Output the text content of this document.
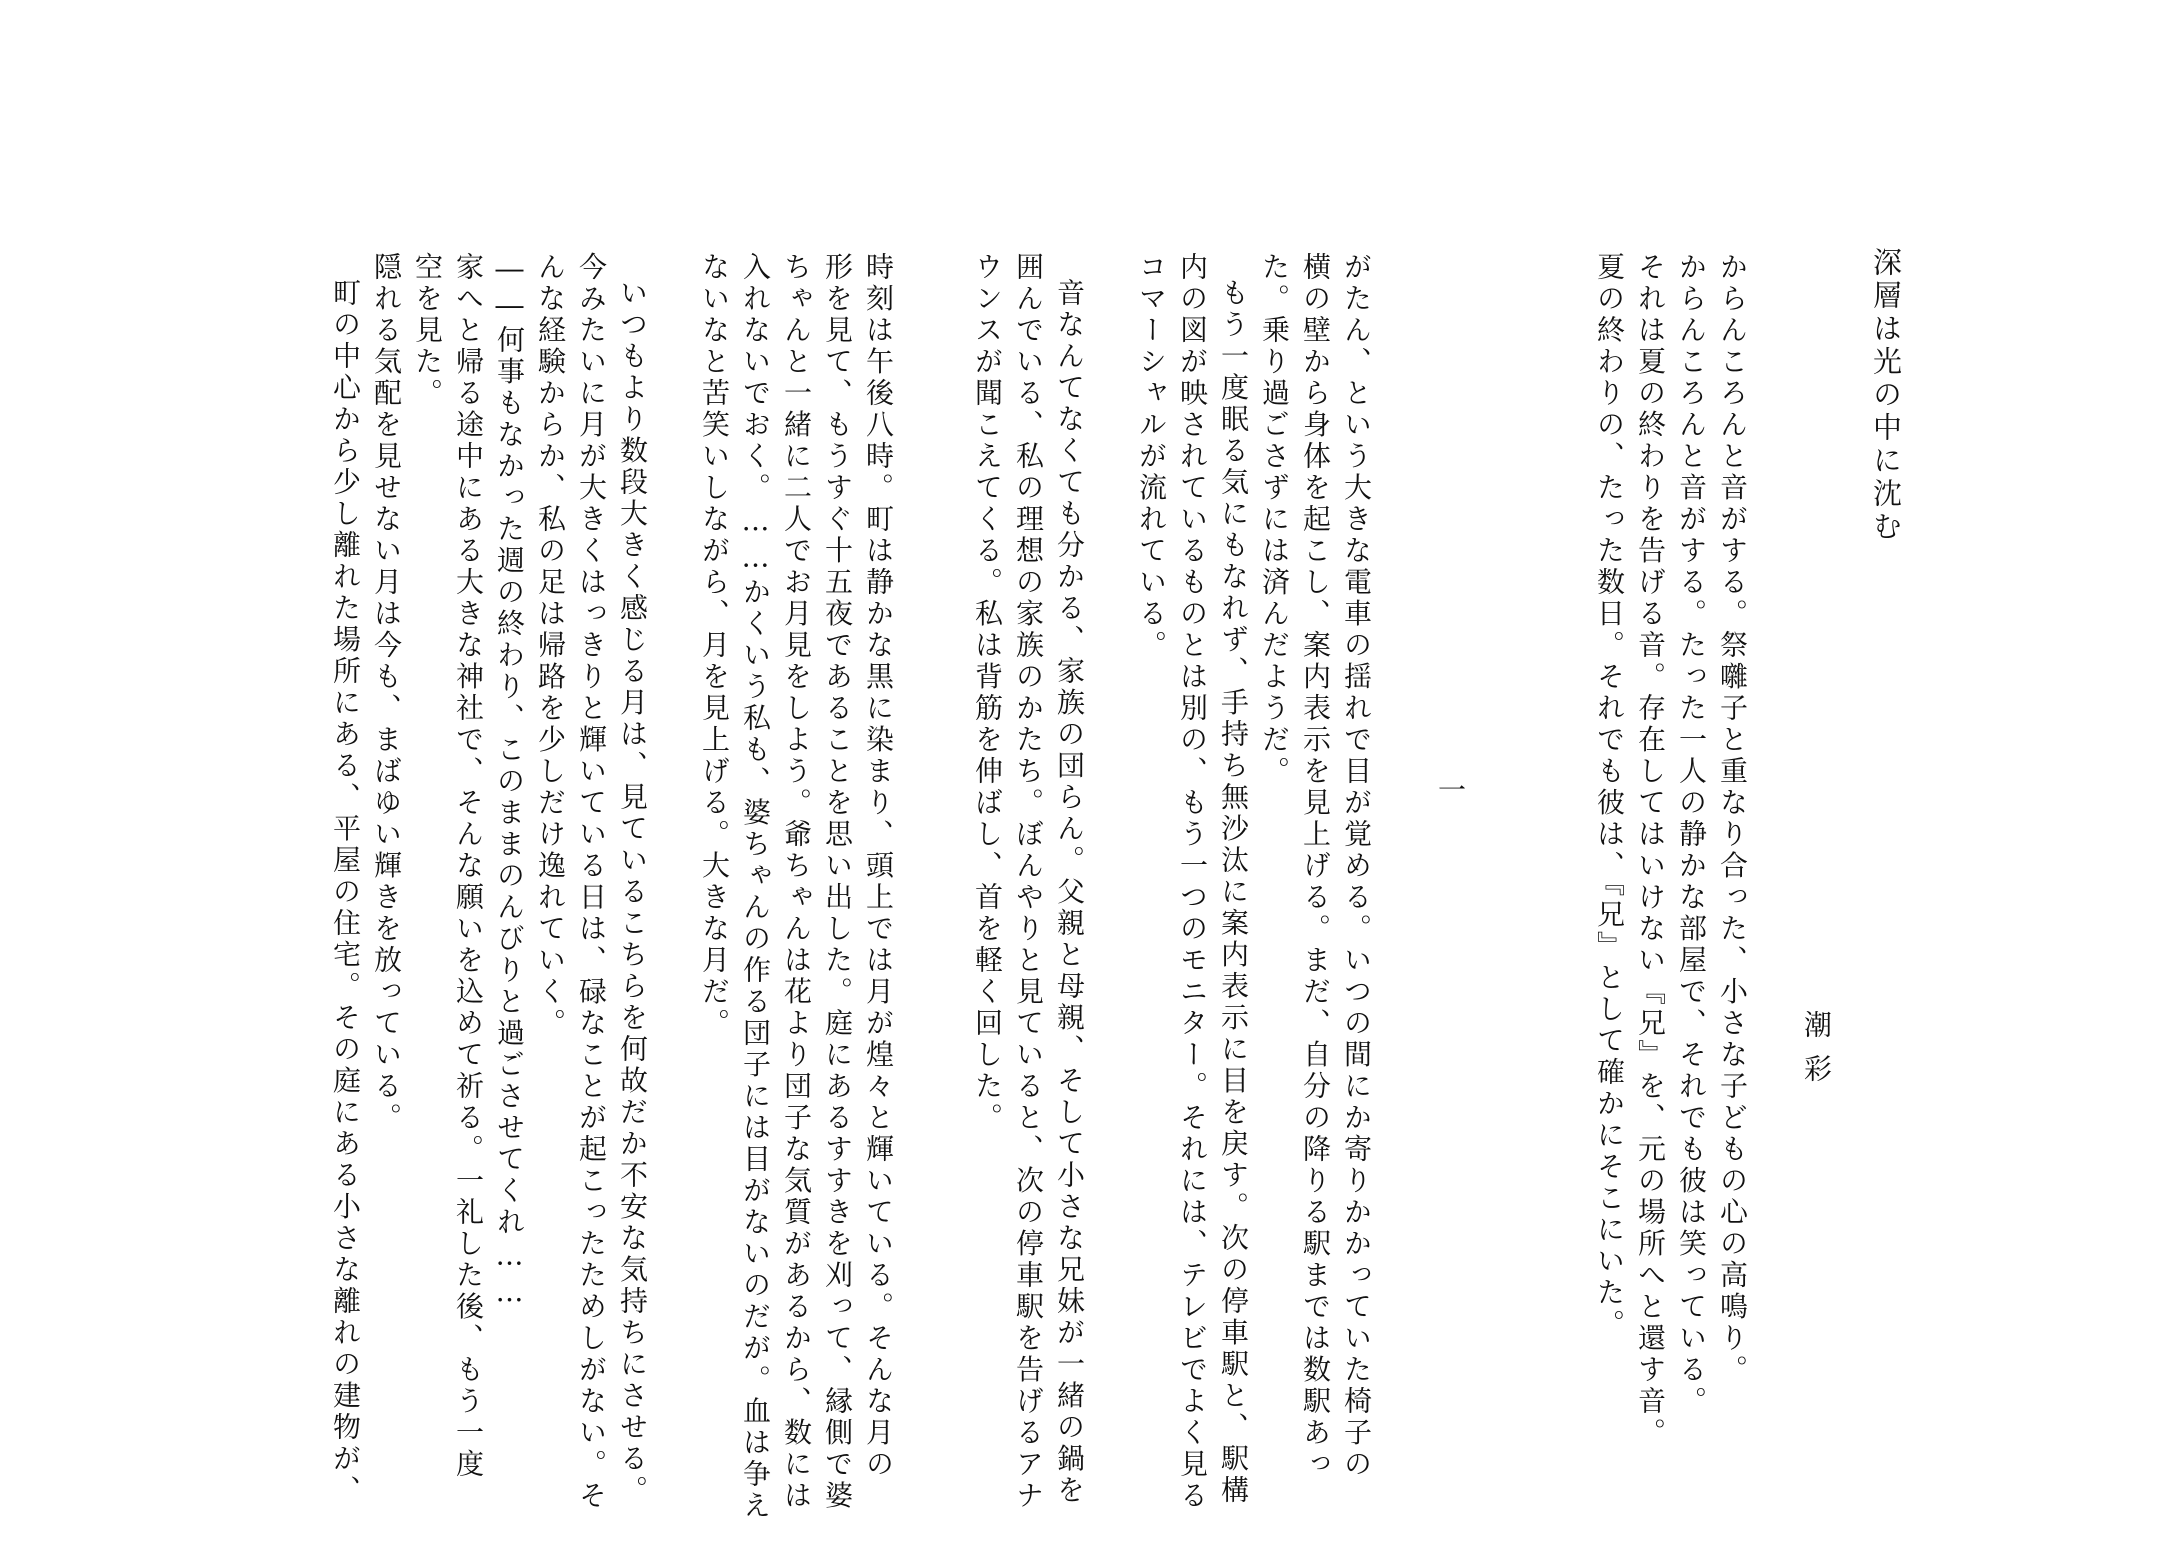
深層は光の中に沈む
潮彩
からんころんと音がする。祭囃子と重なり合った、小さな子どもの心の高鳴り。
からんころんと音がする。たった一人の静かな部屋で、それでも彼は笑っている。
それは夏の終わりを告げる音。存在してはいけない『兄』を、元の場所へと還す音。
夏の終わりの、たった数日。それでも彼は、『兄』として確かにそこにいた。
一
がたん、という大きな電車の揺れで目が覚める。いつの間にか寄りかかっていた椅子の
横の壁から身体を起こし、案内表示を見上げる。まだ、自分の降りる駅までは数駅あっ
た。乗り過ごさずには済んだようだ。
もう一度眠る気にもなれず、手持ち無沙汰に案内表示に目を戻す。次の停車駅と、駅構
内の図が映されているものとは別の、もう一つのモニター。それには、テレビでよく見る
コマーシャルが流れている。
音なんてなくても分かる、家族の団らん。父親と母親、そして小さな兄妹が一緒の鍋を
囲んでいる、私の理想の家族のかたち。ぼんやりと見ていると、次の停車駅を告げるアナ
ウンスが聞こえてくる。私は背筋を伸ばし、首を軽く回した。
時刻は午後八時。町は静かな黒に染まり、頭上では月が煌々と輝いている。そんな月の
形を見て、もうすぐ十五夜であることを思い出した。庭にあるすすきを刈って、縁側で婆
ちゃんと一緒に二人でお月見をしよう。爺ちゃんは花より団子な気質があるから、数には
入れないでおく。……かくいう私も、婆ちゃんの作る団子には目がないのだが。血は争え
ないなと苦笑いしながら、月を見上げる。大きな月だ。
いつもより数段大きく感じる月は、見ているこちらを何故だか不安な気持ちにさせる。
今みたいに月が大きくはっきりと輝いている日は、碌なことが起こったためしがない。そ
んな経験からか、私の足は帰路を少しだけ逸れていく。
――何事もなかった週の終わり、このままのんびりと過ごさせてくれ……
家へと帰る途中にある大きな神社で、そんな願いを込めて祈る。一礼した後、もう一度
空を見た。
隠れる気配を見せない月は今も、まばゆい輝きを放っている。
町の中心から少し離れた場所にある、平屋の住宅。その庭にある小さな離れの建物が、
